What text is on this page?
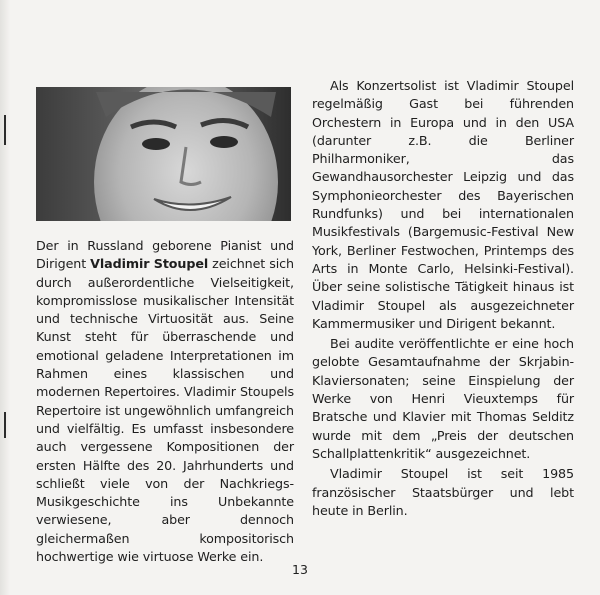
Der in Russland geborene Pianist und Dirigent Vladimir Stoupel zeichnet sich durch außerordentliche Vielseitigkeit, kompromisslose musikalischer Intensität und technische Virtuosität aus. Seine Kunst steht für überraschende und emotional geladene Interpretationen im Rahmen eines klassischen und modernen Repertoires. Vladimir Stoupels Repertoire ist ungewöhnlich umfangreich und vielfältig. Es umfasst insbesondere auch vergessene Kompositionen der ersten Hälfte des 20. Jahrhunderts und schließt viele von der Nachkriegs-Musikgeschichte ins Unbekannte verwiesene, aber dennoch gleichermaßen kompositorisch hochwertige wie virtuose Werke ein.

Als Konzertsolist ist Vladimir Stoupel regelmäßig Gast bei führenden Orchestern in Europa und in den USA (darunter z.B. die Berliner Philharmoniker, das Gewandhausorchester Leipzig und das Symphonieorchester des Bayerischen Rundfunks) und bei internationalen Musikfestivals (Bargemusic-Festival New York, Berliner Festwochen, Printemps des Arts in Monte Carlo, Helsinki-Festival). Über seine solistische Tätigkeit hinaus ist Vladimir Stoupel als ausgezeichneter Kammermusiker und Dirigent bekannt.

Bei audite veröffentlichte er eine hoch gelobte Gesamtaufnahme der Skrjabin-Klaviersonaten; seine Einspielung der Werke von Henri Vieuxtemps für Bratsche und Klavier mit Thomas Selditz wurde mit dem „Preis der deutschen Schallplattenkritik“ ausgezeichnet.

Vladimir Stoupel ist seit 1985 französischer Staatsbürger und lebt heute in Berlin.

13
